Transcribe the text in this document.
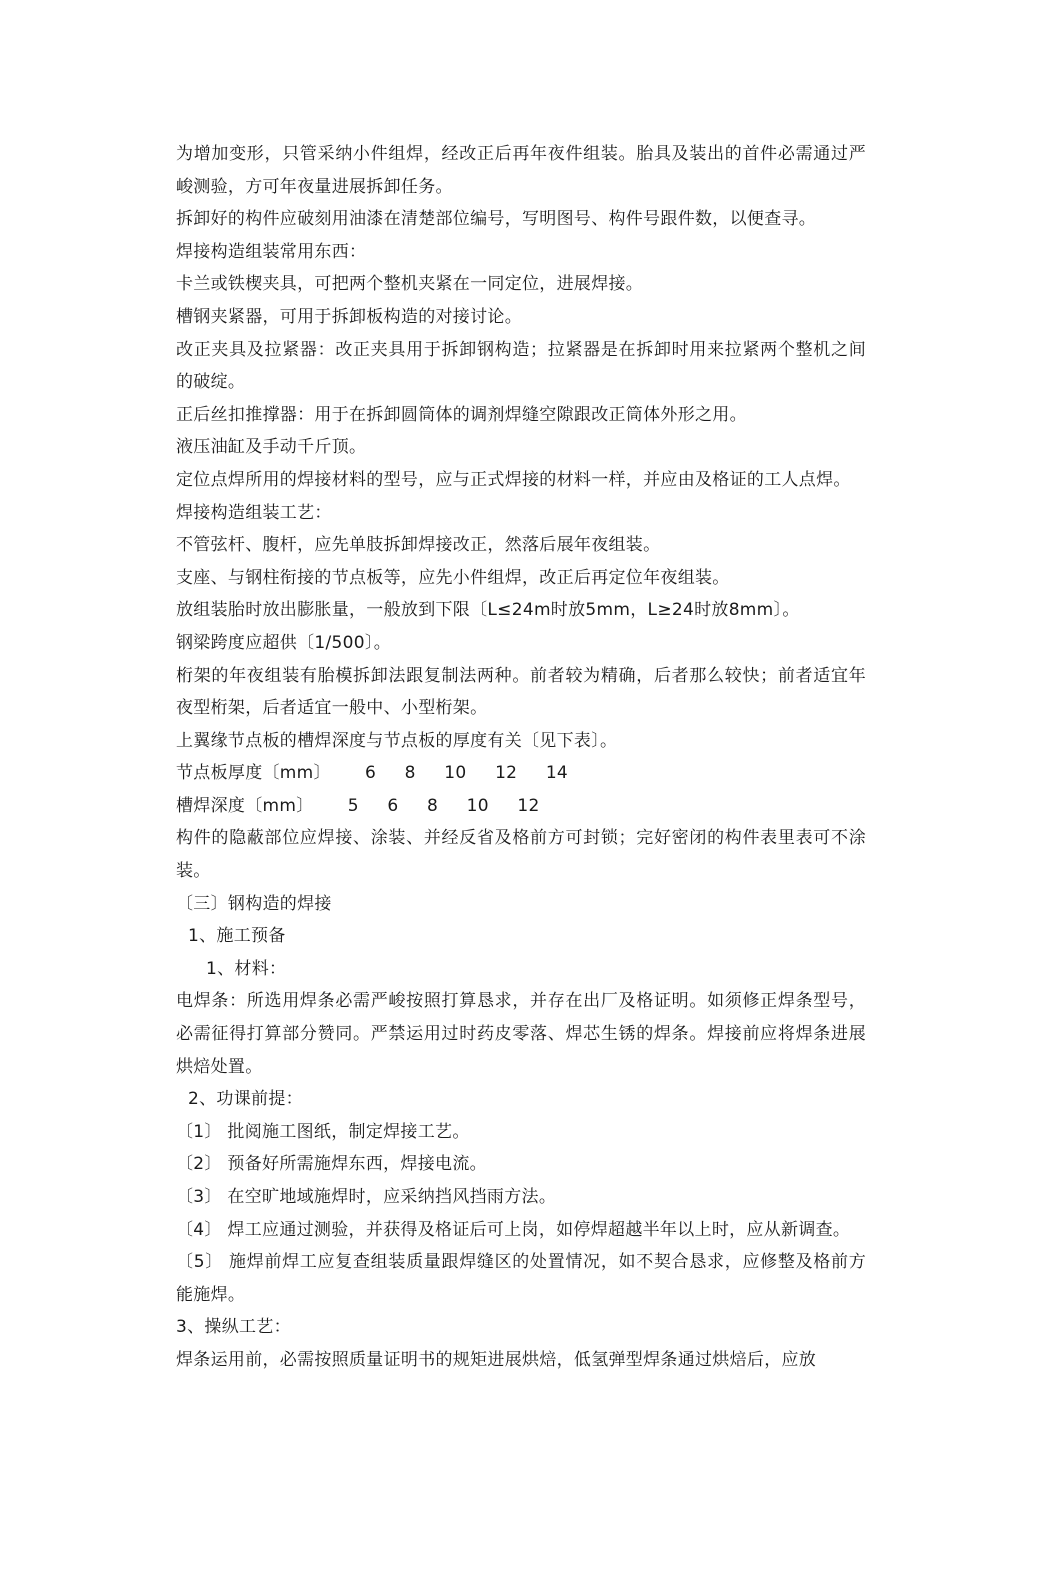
为增加变形，只管采纳小件组焊，经改正后再年夜件组装。胎具及装出的首件必需通过严峻测验，方可年夜量进展拆卸任务。

拆卸好的构件应破刻用油漆在清楚部位编号，写明图号、构件号跟件数，以便查寻。

焊接构造组装常用东西：

卡兰或铁楔夹具，可把两个整机夹紧在一同定位，进展焊接。

槽钢夹紧器，可用于拆卸板构造的对接讨论。

改正夹具及拉紧器：改正夹具用于拆卸钢构造；拉紧器是在拆卸时用来拉紧两个整机之间的破绽。

正后丝扣推撑器：用于在拆卸圆筒体的调剂焊缝空隙跟改正筒体外形之用。

液压油缸及手动千斤顶。

定位点焊所用的焊接材料的型号，应与正式焊接的材料一样，并应由及格证的工人点焊。

焊接构造组装工艺：

不管弦杆、腹杆，应先单肢拆卸焊接改正，然落后展年夜组装。

支座、与钢柱衔接的节点板等，应先小件组焊，改正后再定位年夜组装。

放组装胎时放出膨胀量，一般放到下限〔L≤24m时放5mm，L≥24时放8mm〕。

钢梁跨度应超供〔1/500〕。

桁架的年夜组装有胎模拆卸法跟复制法两种。前者较为精确，后者那么较快；前者适宜年夜型桁架，后者适宜一般中、小型桁架。

上翼缘节点板的槽焊深度与节点板的厚度有关〔见下表〕。

节点板厚度〔mm〕      6     8     10     12     14

槽焊深度〔mm〕      5     6     8     10     12

构件的隐蔽部位应焊接、涂装、并经反省及格前方可封锁；完好密闭的构件表里表可不涂装。

〔三〕钢构造的焊接

1、施工预备

1、材料：

电焊条：所选用焊条必需严峻按照打算恳求，并存在出厂及格证明。如须修正焊条型号，必需征得打算部分赞同。严禁运用过时药皮零落、焊芯生锈的焊条。焊接前应将焊条进展烘焙处置。

2、功课前提：

〔1〕 批阅施工图纸，制定焊接工艺。

〔2〕 预备好所需施焊东西，焊接电流。

〔3〕 在空旷地域施焊时，应采纳挡风挡雨方法。

〔4〕 焊工应通过测验，并获得及格证后可上岗，如停焊超越半年以上时，应从新调查。

〔5〕 施焊前焊工应复查组装质量跟焊缝区的处置情况，如不契合恳求，应修整及格前方能施焊。

3、操纵工艺：

焊条运用前，必需按照质量证明书的规矩进展烘焙，低氢弹型焊条通过烘焙后，应放
